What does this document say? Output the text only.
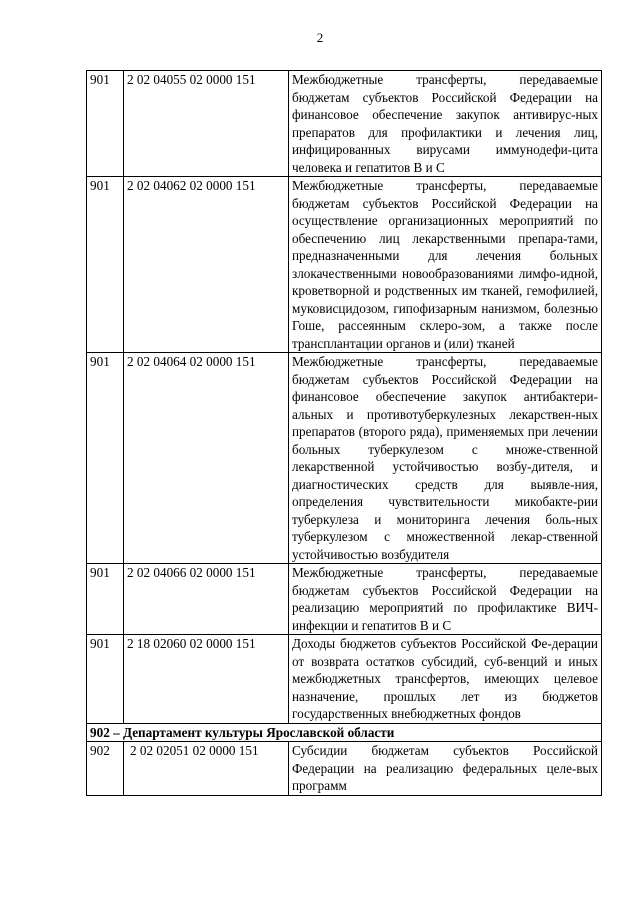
2
901	2 02 04055 02 0000 151	Межбюджетные трансферты, передаваемые бюджетам субъектов Российской Федерации на финансовое обеспечение закупок антивирус-ных препаратов для профилактики и лечения лиц, инфицированных вирусами иммунодефи-цита человека и гепатитов В и С
901	2 02 04062 02 0000 151	Межбюджетные трансферты, передаваемые бюджетам субъектов Российской Федерации на осуществление организационных мероприятий по обеспечению лиц лекарственными препара-тами, предназначенными для лечения больных злокачественными новообразованиями лимфо-идной, кроветворной и родственных им тканей, гемофилией, муковисцидозом, гипофизарным нанизмом, болезнью Гоше, рассеянным склеро-зом, а также после трансплантации органов и (или) тканей
901	2 02 04064 02 0000 151	Межбюджетные трансферты, передаваемые бюджетам субъектов Российской Федерации на финансовое обеспечение закупок антибактери-альных и противотуберкулезных лекарствен-ных препаратов (второго ряда), применяемых при лечении больных туберкулезом с множе-ственной лекарственной устойчивостью возбу-дителя, и диагностических средств для выявле-ния, определения чувствительности микобакте-рии туберкулеза и мониторинга лечения боль-ных туберкулезом с множественной лекар-ственной устойчивостью возбудителя
901	2 02 04066 02 0000 151	Межбюджетные трансферты, передаваемые бюджетам субъектов Российской Федерации на реализацию мероприятий по профилактике ВИЧ-инфекции и гепатитов В и С
901	2 18 02060 02 0000 151	Доходы бюджетов субъектов Российской Фе-дерации от возврата остатков субсидий, суб-венций и иных межбюджетных трансфертов, имеющих целевое назначение, прошлых лет из бюджетов государственных внебюджетных фондов
902 – Департамент культуры Ярославской области		
902	2 02 02051 02 0000 151	Субсидии бюджетам субъектов Российской Федерации на реализацию федеральных целе-вых программ
